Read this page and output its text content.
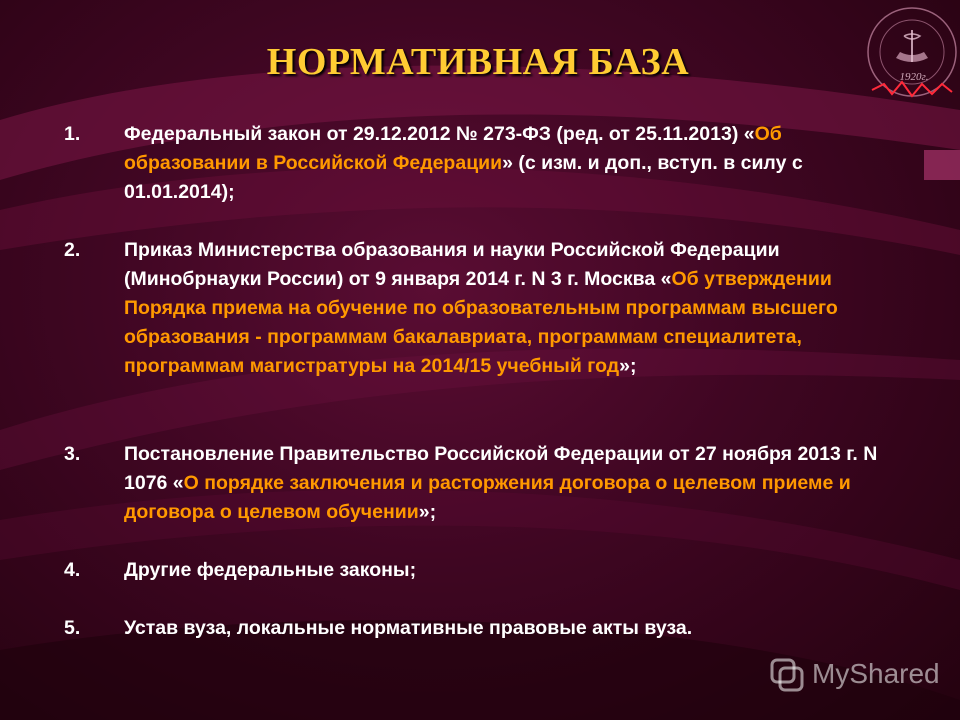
НОРМАТИВНАЯ БАЗА	1920г.
1.	Федеральный закон от 29.12.2012 № 273-ФЗ (ред. от 25.11.2013) «Об образовании в Российской Федерации» (с изм. и доп., вступ. в силу с 01.01.2014);
2.	Приказ Министерства образования и науки Российской Федерации (Минобрнауки России) от 9 января 2014 г. N 3 г. Москва «Об утверждении Порядка приема на обучение по образовательным программам высшего образования - программам бакалавриата, программам специалитета, программам магистратуры на 2014/15 учебный год»;
3.	Постановление Правительство Российской Федерации от 27 ноября 2013 г. N 1076 «О порядке заключения и расторжения договора о целевом приеме и договора о целевом обучении»;
4.	Другие федеральные законы;
5.	Устав вуза, локальные нормативные правовые акты вуза.
MyShared
